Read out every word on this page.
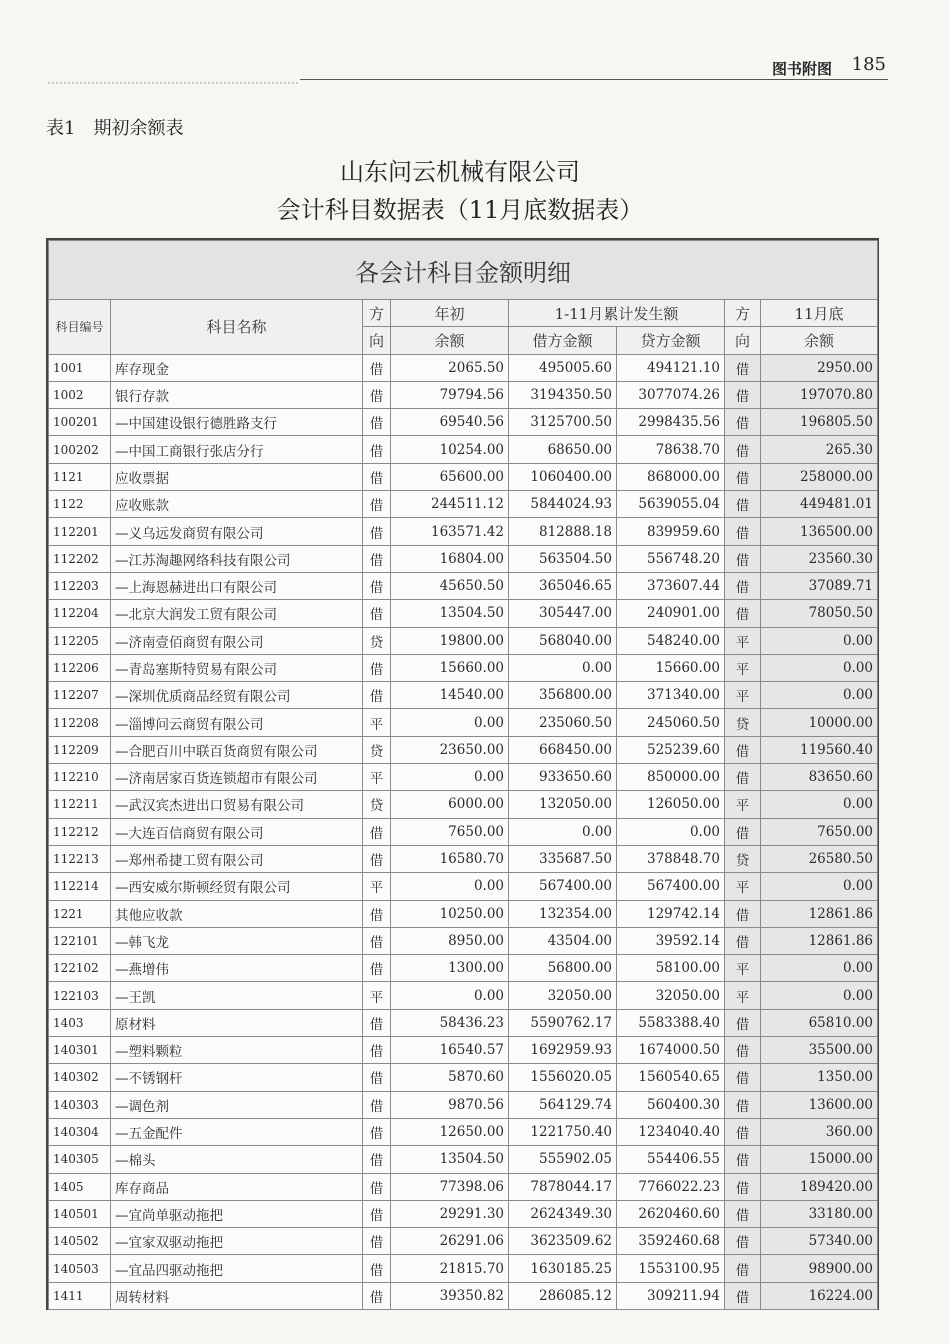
图书附图 185
表1　期初余额表
山东问云机械有限公司
会计科目数据表（11月底数据表）
各会计科目金额明细							
科目编号	科目名称	方	年初	1-11月累计发生额		方	11月底
		向	余额	借方金额	贷方金额	向	余额
1001	库存现金	借	2065.50	495005.60	494121.10	借	2950.00
1002	银行存款	借	79794.56	3194350.50	3077074.26	借	197070.80
100201	—中国建设银行德胜路支行	借	69540.56	3125700.50	2998435.56	借	196805.50
100202	—中国工商银行张店分行	借	10254.00	68650.00	78638.70	借	265.30
1121	应收票据	借	65600.00	1060400.00	868000.00	借	258000.00
1122	应收账款	借	244511.12	5844024.93	5639055.04	借	449481.01
112201	—义乌远发商贸有限公司	借	163571.42	812888.18	839959.60	借	136500.00
112202	—江苏淘趣网络科技有限公司	借	16804.00	563504.50	556748.20	借	23560.30
112203	—上海恩赫进出口有限公司	借	45650.50	365046.65	373607.44	借	37089.71
112204	—北京大润发工贸有限公司	借	13504.50	305447.00	240901.00	借	78050.50
112205	—济南壹佰商贸有限公司	贷	19800.00	568040.00	548240.00	平	0.00
112206	—青岛塞斯特贸易有限公司	借	15660.00	0.00	15660.00	平	0.00
112207	—深圳优质商品经贸有限公司	借	14540.00	356800.00	371340.00	平	0.00
112208	—淄博问云商贸有限公司	平	0.00	235060.50	245060.50	贷	10000.00
112209	—合肥百川中联百货商贸有限公司	贷	23650.00	668450.00	525239.60	借	119560.40
112210	—济南居家百货连锁超市有限公司	平	0.00	933650.60	850000.00	借	83650.60
112211	—武汉宾杰进出口贸易有限公司	贷	6000.00	132050.00	126050.00	平	0.00
112212	—大连百信商贸有限公司	借	7650.00	0.00	0.00	借	7650.00
112213	—郑州希捷工贸有限公司	借	16580.70	335687.50	378848.70	贷	26580.50
112214	—西安威尔斯顿经贸有限公司	平	0.00	567400.00	567400.00	平	0.00
1221	其他应收款	借	10250.00	132354.00	129742.14	借	12861.86
122101	—韩飞龙	借	8950.00	43504.00	39592.14	借	12861.86
122102	—燕增伟	借	1300.00	56800.00	58100.00	平	0.00
122103	—王凯	平	0.00	32050.00	32050.00	平	0.00
1403	原材料	借	58436.23	5590762.17	5583388.40	借	65810.00
140301	—塑料颗粒	借	16540.57	1692959.93	1674000.50	借	35500.00
140302	—不锈钢杆	借	5870.60	1556020.05	1560540.65	借	1350.00
140303	—调色剂	借	9870.56	564129.74	560400.30	借	13600.00
140304	—五金配件	借	12650.00	1221750.40	1234040.40	借	360.00
140305	—棉头	借	13504.50	555902.05	554406.55	借	15000.00
1405	库存商品	借	77398.06	7878044.17	7766022.23	借	189420.00
140501	—宜尚单驱动拖把	借	29291.30	2624349.30	2620460.60	借	33180.00
140502	—宜家双驱动拖把	借	26291.06	3623509.62	3592460.68	借	57340.00
140503	—宜品四驱动拖把	借	21815.70	1630185.25	1553100.95	借	98900.00
1411	周转材料	借	39350.82	286085.12	309211.94	借	16224.00
